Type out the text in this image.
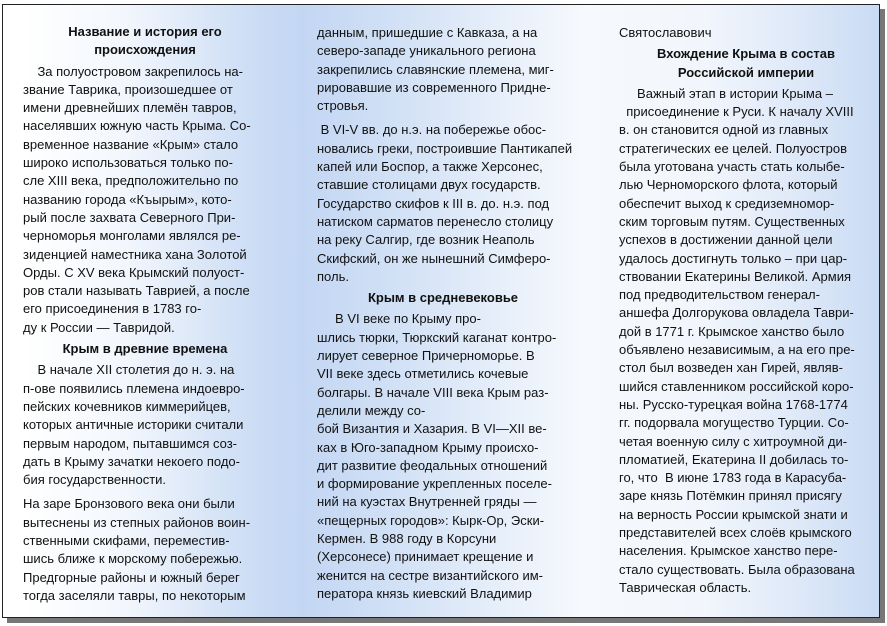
Название и история его
происхождения
За полуостровом закрепилось на-
звание Таврика, произошедшее от
имени древнейших племён тавров,
населявших южную часть Крыма. Со-
временное название «Крым» стало
широко использоваться только по-
сле XIII века, предположительно по
названию города «Къырым», кото-
рый после захвата Северного При-
черноморья монголами являлся ре-
зиденцией наместника хана Золотой
Орды. С XV века Крымский полуост-
ров стали называть Таврией, а после
его присоединения в 1783 го-
ду к России — Тавридой.
Крым в древние времена
В начале XII столетия до н. э. на
п-ове появились племена индоевро-
пейских кочевников киммерийцев,
которых античные историки считали
первым народом, пытавшимся соз-
дать в Крыму зачатки некоего подо-
бия государственности.
На заре Бронзового века они были
вытеснены из степных районов воин-
ственными скифами, переместив-
шись ближе к морскому побережью.
Предгорные районы и южный берег
тогда заселяли тавры, по некоторым
данным, пришедшие с Кавказа, а на
северо-западе уникального региона
закрепились славянские племена, миг-
рировавшие из современного Придне-
стровья.
В VI-V вв. до н.э. на побережье обос-
новались греки, построившие Пантикапей
капей или Боспор, а также Херсонес,
ставшие столицами двух государств.
Государство скифов к III в. до. н.э. под
натиском сарматов перенесло столицу
на реку Салгир, где возник Неаполь
Скифский, он же нынешний Симферо-
поль.
Крым в средневековье
В VI веке по Крыму про-
шлись тюрки, Тюркский каганат контро-
лирует северное Причерноморье. В
VII веке здесь отметились кочевые
болгары. В начале VIII века Крым раз-
делили между со-
бой Византия и Хазария. В VI—XII ве-
ках в Юго-западном Крыму происхо-
дит развитие феодальных отношений
и формирование укрепленных поселе-
ний на куэстах Внутренней гряды —
«пещерных городов»: Кырк-Ор, Эски-
Кермен. В 988 году в Корсуни
(Херсонесе) принимает крещение и
женится на сестре византийского им-
ператора князь киевский Владимир
Святославович
Вхождение Крыма в состав
Российской империи
Важный этап в истории Крыма –
присоединение к Руси. К началу XVIII
в. он становится одной из главных
стратегических ее целей. Полуостров
была уготована участь стать колыбе-
лью Черноморского флота, который
обеспечит выход к средиземномор-
ским торговым путям. Существенных
успехов в достижении данной цели
удалось достигнуть только – при цар-
ствовании Екатерины Великой. Армия
под предводительством генерал-
аншефа Долгорукова овладела Таври-
дой в 1771 г. Крымское ханство было
объявлено независимым, а на его пре-
стол был возведен хан Гирей, являв-
шийся ставленником российской коро-
ны. Русско-турецкая война 1768-1774
гг. подорвала могущество Турции. Со-
четая военную силу с хитроумной ди-
пломатией, Екатерина II добилась то-
го, что  В июне 1783 года в Карасуба-
заре князь Потёмкин принял присягу
на верность России крымской знати и
представителей всех слоёв крымского
населения. Крымское ханство пере-
стало существовать. Была образована
Таврическая область.
